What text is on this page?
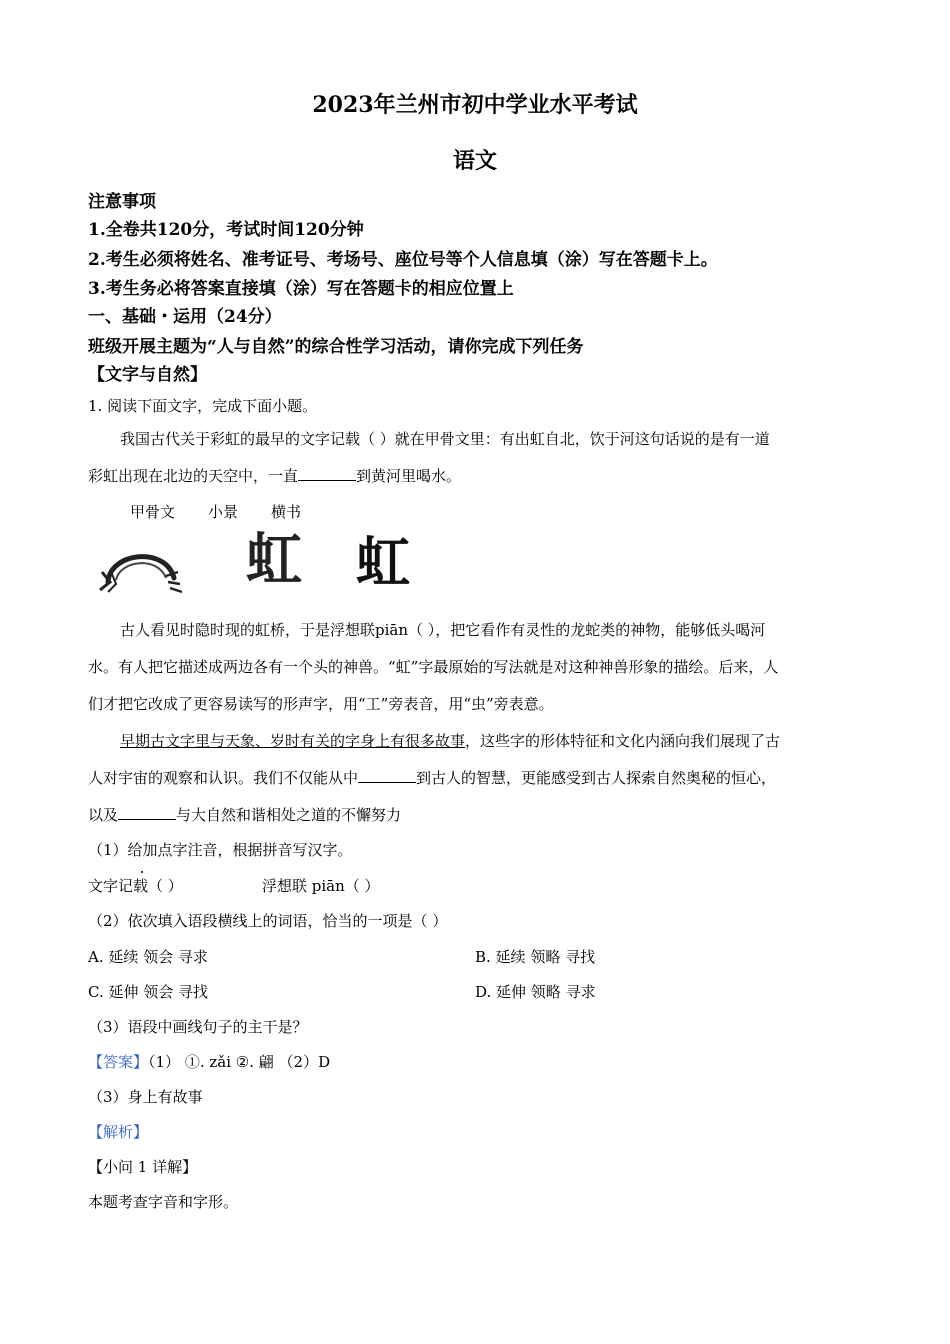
2023年兰州市初中学业水平考试
语文
注意事项
1.全卷共120分，考试时间120分钟
2.考生必须将姓名、准考证号、考场号、座位号等个人信息填（涂）写在答题卡上。
3.考生务必将答案直接填（涂）写在答题卡的相应位置上
一、基础・运用（24分）
班级开展主题为“人与自然”的综合性学习活动，请你完成下列任务
【文字与自然】
1. 阅读下面文字，完成下面小题。
我国古代关于彩虹的最早的文字记载（ ）就在甲骨文里：有出虹自北，饮于河这句话说的是有一道
彩虹出现在北边的天空中，一直	到黄河里喝水。
甲骨文 小景 横书
虹 虹
古人看见时隐时现的虹桥，于是浮想联piān（ ），把它看作有灵性的龙蛇类的神物，能够低头喝河
水。有人把它描述成两边各有一个头的神兽。“虹”字最原始的写法就是对这种神兽形象的描绘。后来，人
们才把它改成了更容易读写的形声字，用“工”旁表音，用“虫”旁表意。
早期古文字里与天象、岁时有关的字身上有很多故事，这些字的形体特征和文化内涵向我们展现了古
人对宇宙的观察和认识。我们不仅能从中	到古人的智慧，更能感受到古人探索自然奥秘的恒心，
以及	与大自然和谐相处之道的不懈努力
（1）给加点字注音，根据拼音写汉字。
文字记载（ ）	浮想联 piān（ ）
（2）依次填入语段横线上的词语，恰当的一项是（ ）
A. 延续 领会 寻求	B. 延续 领略 寻找
C. 延伸 领会 寻找	D. 延伸 领略 寻求
（3）语段中画线句子的主干是？
【答案】（1） ①. zǎi ②. 翩 （2）D
（3）身上有故事
【解析】
【小问 1 详解】
本题考查字音和字形。
